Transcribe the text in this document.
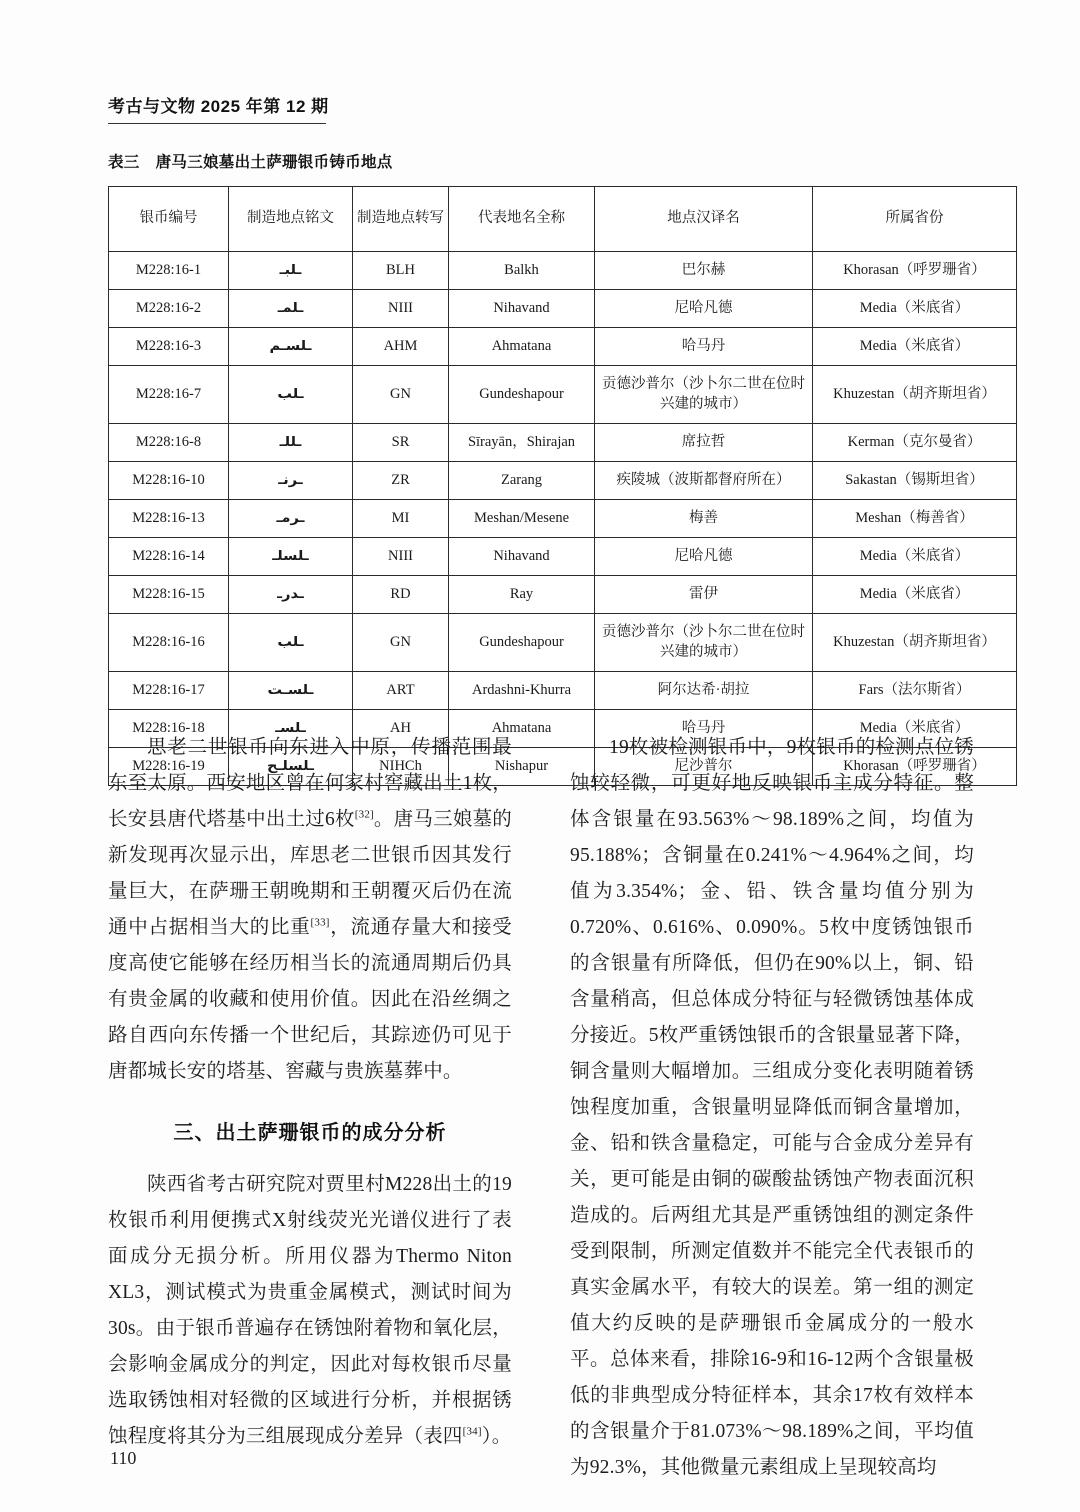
考古与文物 2025 年第 12 期
表三 唐马三娘墓出土萨珊银币铸币地点
银币编号	制造地点铭文	制造地点转写	代表地名全称	地点汉译名	所属省份
M228:16-1	ـلبـ	BLH	Balkh	巴尔赫	Khorasan（呼罗珊省）
M228:16-2	ـلمـ	NIII	Nihavand	尼哈凡德	Media（米底省）
M228:16-3	ـلسـم	AHM	Ahmatana	哈马丹	Media（米底省）
M228:16-7	ـلب	GN	Gundeshapour	贡德沙普尔（沙卜尔二世在位时兴建的城市）	Khuzestan（胡齐斯坦省）
M228:16-8	ـللـ	SR	Sīrayān，Shirajan	席拉哲	Kerman（克尔曼省）
M228:16-10	ـرنـ	ZR	Zarang	疾陵城（波斯都督府所在）	Sakastan（锡斯坦省）
M228:16-13	ـرمـ	MI	Meshan/Mesene	梅善	Meshan（梅善省）
M228:16-14	ـلسلـ	NIII	Nihavand	尼哈凡德	Media（米底省）
M228:16-15	ـدرـ	RD	Ray	雷伊	Media（米底省）
M228:16-16	ـلب	GN	Gundeshapour	贡德沙普尔（沙卜尔二世在位时兴建的城市）	Khuzestan（胡齐斯坦省）
M228:16-17	ـلسـت	ART	Ardashni-Khurra	阿尔达希·胡拉	Fars（法尔斯省）
M228:16-18	ـلسـ	AH	Ahmatana	哈马丹	Media（米底省）
M228:16-19	ـلسلـح	NIHCh	Nishapur	尼沙普尔	Khorasan（呼罗珊省）

思老二世银币向东进入中原，传播范围最东至太原。西安地区曾在何家村窖藏出土1枚，长安县唐代塔基中出土过6枚[32]。唐马三娘墓的新发现再次显示出，库思老二世银币因其发行量巨大，在萨珊王朝晚期和王朝覆灭后仍在流通中占据相当大的比重[33]，流通存量大和接受度高使它能够在经历相当长的流通周期后仍具有贵金属的收藏和使用价值。因此在沿丝绸之路自西向东传播一个世纪后，其踪迹仍可见于唐都城长安的塔基、窖藏与贵族墓葬中。

三、出土萨珊银币的成分分析

陕西省考古研究院对贾里村M228出土的19枚银币利用便携式X射线荧光光谱仪进行了表面成分无损分析。所用仪器为Thermo Niton XL3，测试模式为贵重金属模式，测试时间为30s。由于银币普遍存在锈蚀附着物和氧化层，会影响金属成分的判定，因此对每枚银币尽量选取锈蚀相对轻微的区域进行分析，并根据锈蚀程度将其分为三组展现成分差异（表四[34]）。

19枚被检测银币中，9枚银币的检测点位锈蚀较轻微，可更好地反映银币主成分特征。整体含银量在93.563%～98.189%之间，均值为95.188%；含铜量在0.241%～4.964%之间，均值为3.354%；金、铅、铁含量均值分别为0.720%、0.616%、0.090%。5枚中度锈蚀银币的含银量有所降低，但仍在90%以上，铜、铅含量稍高，但总体成分特征与轻微锈蚀基体成分接近。5枚严重锈蚀银币的含银量显著下降，铜含量则大幅增加。三组成分变化表明随着锈蚀程度加重，含银量明显降低而铜含量增加，金、铅和铁含量稳定，可能与合金成分差异有关，更可能是由铜的碳酸盐锈蚀产物表面沉积造成的。后两组尤其是严重锈蚀组的测定条件受到限制，所测定值数并不能完全代表银币的真实金属水平，有较大的误差。第一组的测定值大约反映的是萨珊银币金属成分的一般水平。总体来看，排除16-9和16-12两个含银量极低的非典型成分特征样本，其余17枚有效样本的含银量介于81.073%～98.189%之间，平均值为92.3%，其他微量元素组成上呈现较高均

110
